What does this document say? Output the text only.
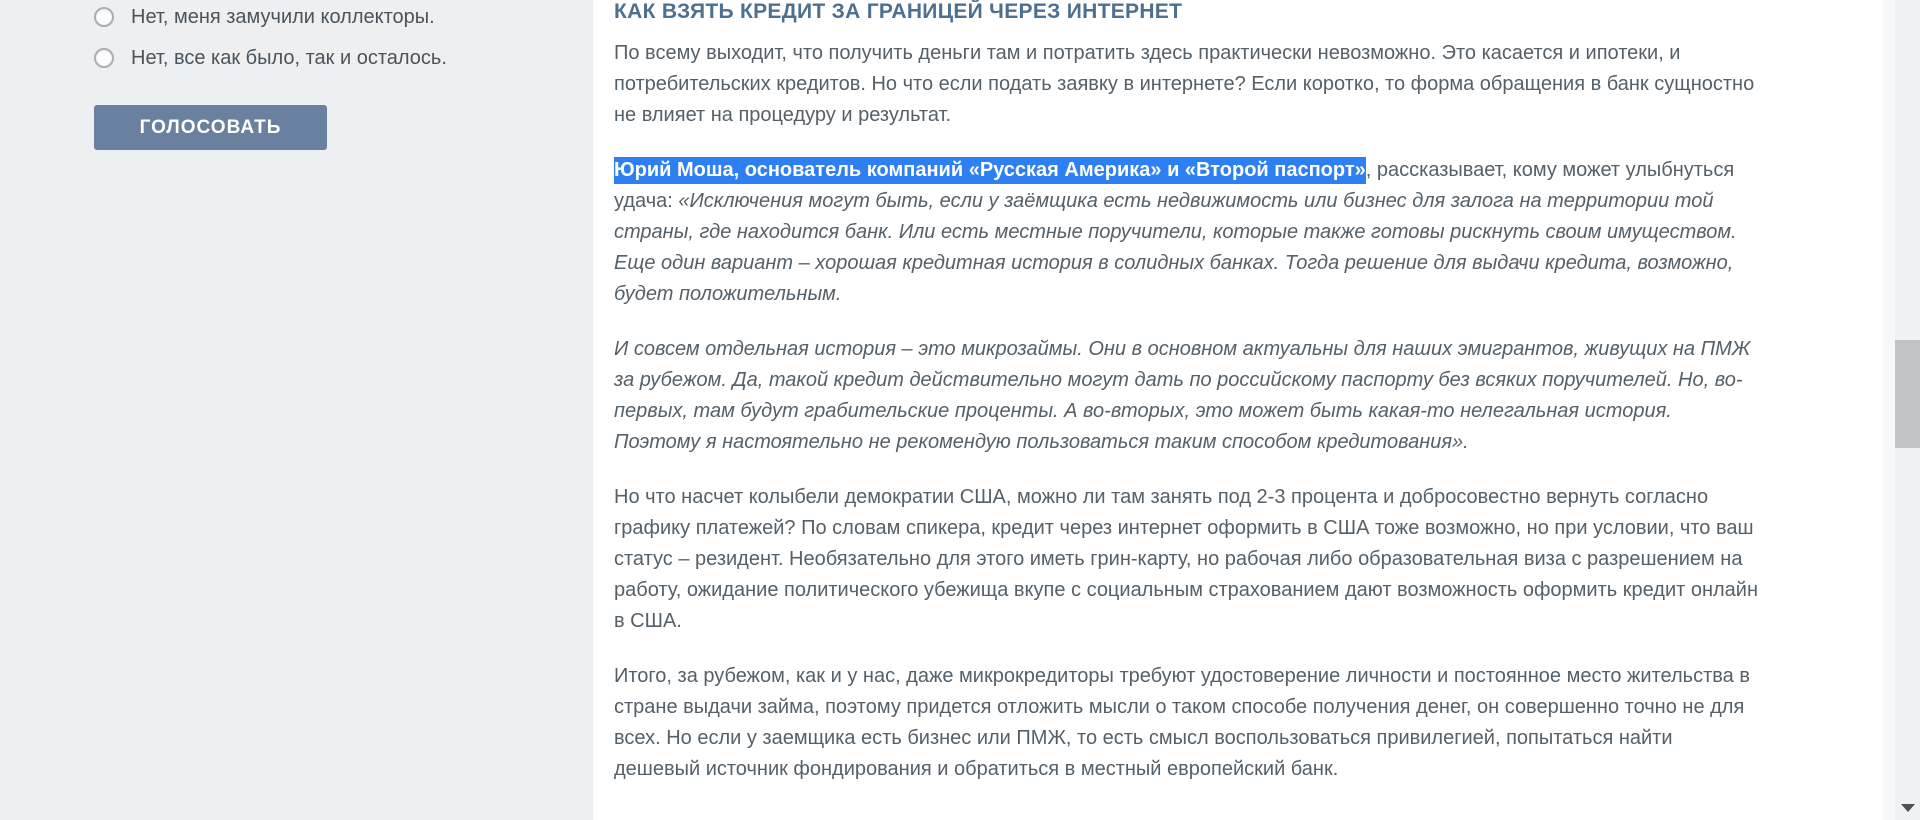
Нет, меня замучили коллекторы.
Нет, все как было, так и осталось.
ГОЛОСОВАТЬ
КАК ВЗЯТЬ КРЕДИТ ЗА ГРАНИЦЕЙ ЧЕРЕЗ ИНТЕРНЕТ

По всему выходит, что получить деньги там и потратить здесь практически невозможно. Это касается и ипотеки, и потребительских кредитов. Но что если подать заявку в интернете? Если коротко, то форма обращения в банк сущностно не влияет на процедуру и результат.

Юрий Моша, основатель компаний «Русская Америка» и «Второй паспорт», рассказывает, кому может улыбнуться удача: «Исключения могут быть, если у заёмщика есть недвижимость или бизнес для залога на территории той страны, где находится банк. Или есть местные поручители, которые также готовы рискнуть своим имуществом. Еще один вариант – хорошая кредитная история в солидных банках. Тогда решение для выдачи кредита, возможно, будет положительным.

И совсем отдельная история – это микрозаймы. Они в основном актуальны для наших эмигрантов, живущих на ПМЖ за рубежом. Да, такой кредит действительно могут дать по российскому паспорту без всяких поручителей. Но, во-первых, там будут грабительские проценты. А во-вторых, это может быть какая-то нелегальная история. Поэтому я настоятельно не рекомендую пользоваться таким способом кредитования».

Но что насчет колыбели демократии США, можно ли там занять под 2-3 процента и добросовестно вернуть согласно графику платежей? По словам спикера, кредит через интернет оформить в США тоже возможно, но при условии, что ваш статус – резидент. Необязательно для этого иметь грин-карту, но рабочая либо образовательная виза с разрешением на работу, ожидание политического убежища вкупе с социальным страхованием дают возможность оформить кредит онлайн в США.

Итого, за рубежом, как и у нас, даже микрокредиторы требуют удостоверение личности и постоянное место жительства в стране выдачи займа, поэтому придется отложить мысли о таком способе получения денег, он совершенно точно не для всех. Но если у заемщика есть бизнес или ПМЖ, то есть смысл воспользоваться привилегией, попытаться найти дешевый источник фондирования и обратиться в местный европейский банк.
